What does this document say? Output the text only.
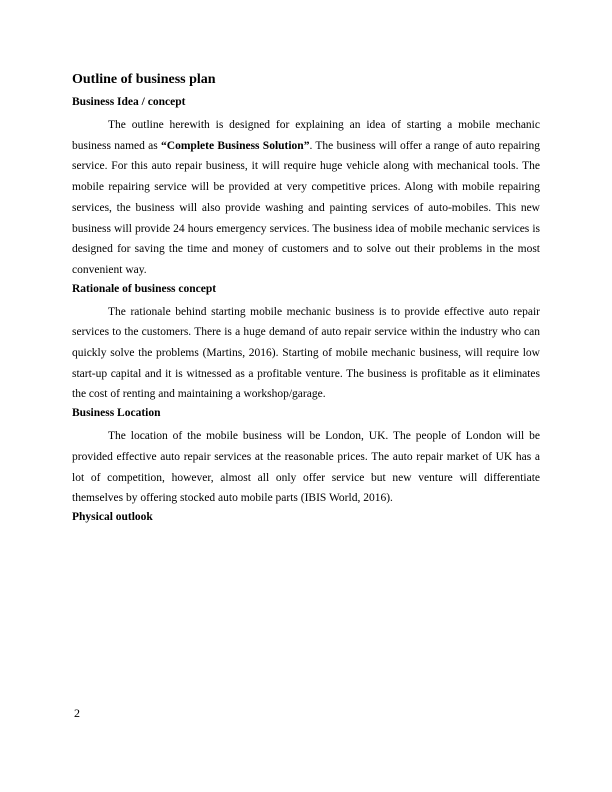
Outline of business plan
Business Idea / concept

The outline herewith is designed for explaining an idea of starting a mobile mechanic business named as “Complete Business Solution”. The business will offer a range of auto repairing service. For this auto repair business, it will require huge vehicle along with mechanical tools. The mobile repairing service will be provided at very competitive prices. Along with mobile repairing services, the business will also provide washing and painting services of auto-mobiles. This new business will provide 24 hours emergency services. The business idea of mobile mechanic services is designed for saving the time and money of customers and to solve out their problems in the most convenient way.

Rationale of business concept

The rationale behind starting mobile mechanic business is to provide effective auto repair services to the customers. There is a huge demand of auto repair service within the industry who can quickly solve the problems (Martins, 2016). Starting of mobile mechanic business, will require low start-up capital and it is witnessed as a profitable venture. The business is profitable as it eliminates the cost of renting and maintaining a workshop/garage.

Business Location

The location of the mobile business will be London, UK. The people of London will be provided effective auto repair services at the reasonable prices. The auto repair market of UK has a lot of competition, however, almost all only offer service but new venture will differentiate themselves by offering stocked auto mobile parts (IBIS World, 2016).

Physical outlook
2
